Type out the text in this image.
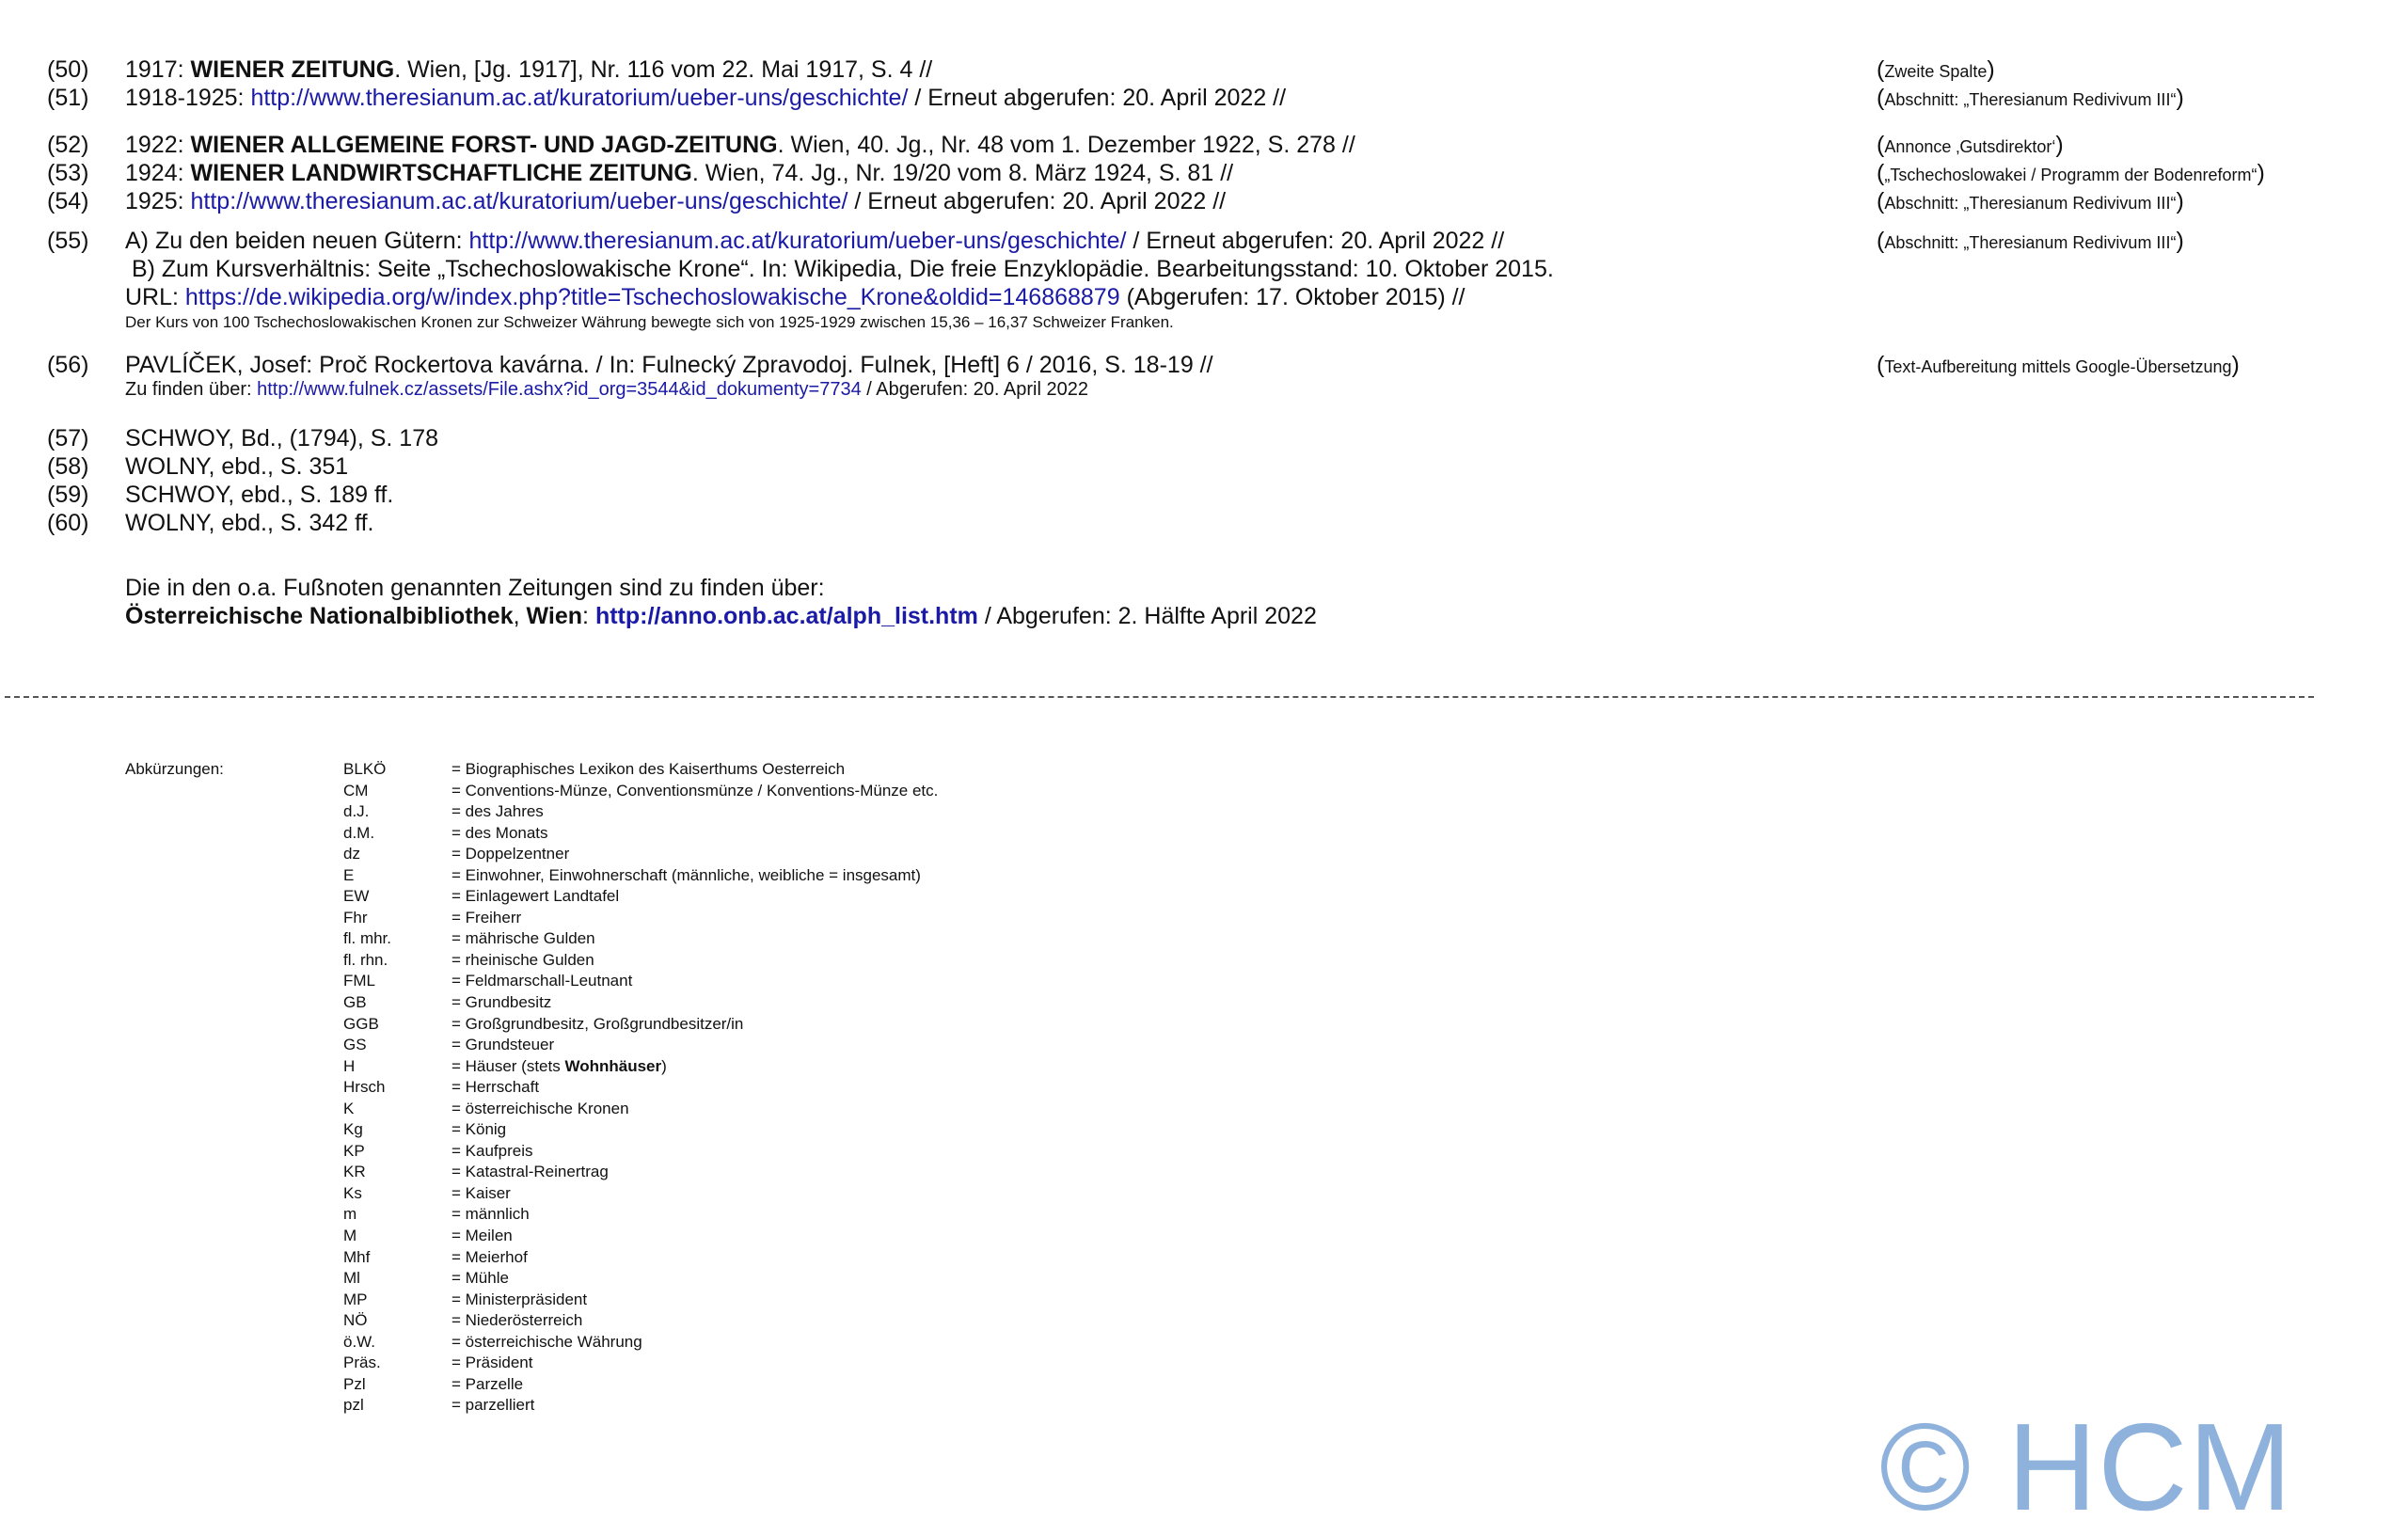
(50) 1917: WIENER ZEITUNG. Wien, [Jg. 1917], Nr. 116 vom 22. Mai 1917, S. 4 //	(Zweite Spalte)
(51) 1918-1925: http://www.theresianum.ac.at/kuratorium/ueber-uns/geschichte/ / Erneut abgerufen: 20. April 2022 //	(Abschnitt: „Theresianum Redivivum III“)
(52) 1922: WIENER ALLGEMEINE FORST- UND JAGD-ZEITUNG. Wien, 40. Jg., Nr. 48 vom 1. Dezember 1922, S. 278 //	(Annonce ‚Gutsdirektor‘)
(53) 1924: WIENER LANDWIRTSCHAFTLICHE ZEITUNG. Wien, 74. Jg., Nr. 19/20 vom 8. März 1924, S. 81 //	(„Tschechoslowakei / Programm der Bodenreform“)
(54) 1925: http://www.theresianum.ac.at/kuratorium/ueber-uns/geschichte/ / Erneut abgerufen: 20. April 2022 //	(Abschnitt: „Theresianum Redivivum III“)
(55) A) Zu den beiden neuen Gütern: http://www.theresianum.ac.at/kuratorium/ueber-uns/geschichte/ / Erneut abgerufen: 20. April 2022 //	(Abschnitt: „Theresianum Redivivum III“)
B) Zum Kursverhältnis: Seite „Tschechoslowakische Krone“. In: Wikipedia, Die freie Enzyklopädie. Bearbeitungsstand: 10. Oktober 2015.
URL: https://de.wikipedia.org/w/index.php?title=Tschechoslowakische_Krone&oldid=146868879 (Abgerufen: 17. Oktober 2015) //
Der Kurs von 100 Tschechoslowakischen Kronen zur Schweizer Währung bewegte sich von 1925-1929 zwischen 15,36 – 16,37 Schweizer Franken.
(56) PAVLÍČEK, Josef: Proč Rockertova kavárna. / In: Fulnecký Zpravodoj. Fulnek, [Heft] 6 / 2016, S. 18-19 //	(Text-Aufbereitung mittels Google-Übersetzung)
Zu finden über: http://www.fulnek.cz/assets/File.ashx?id_org=3544&id_dokumenty=7734 / Abgerufen: 20. April 2022
(57) SCHWOY, Bd., (1794), S. 178
(58) WOLNY, ebd., S. 351
(59) SCHWOY, ebd., S. 189 ff.
(60) WOLNY, ebd., S. 342 ff.
Die in den o.a. Fußnoten genannten Zeitungen sind zu finden über:
Österreichische Nationalbibliothek, Wien: http://anno.onb.ac.at/alph_list.htm / Abgerufen: 2. Hälfte April 2022
Abkürzungen:	BLKÖ	= Biographisches Lexikon des Kaiserthums Oesterreich
CM	= Conventions-Münze, Conventionsmünze / Konventions-Münze etc.
d.J.	= des Jahres
d.M.	= des Monats
dz	= Doppelzentner
E	= Einwohner, Einwohnerschaft (männliche, weibliche = insgesamt)
EW	= Einlagewert Landtafel
Fhr	= Freiherr
fl. mhr.	= mährische Gulden
fl. rhn.	= rheinische Gulden
FML	= Feldmarschall-Leutnant
GB	= Grundbesitz
GGB	= Großgrundbesitz, Großgrundbesitzer/in
GS	= Grundsteuer
H	= Häuser (stets Wohnhäuser)
Hrsch	= Herrschaft
K	= österreichische Kronen
Kg	= König
KP	= Kaufpreis
KR	= Katastral-Reinertrag
Ks	= Kaiser
m	= männlich
M	= Meilen
Mhf	= Meierhof
Ml	= Mühle
MP	= Ministerpräsident
NÖ	= Niederösterreich
ö.W.	= österreichische Währung
Präs.	= Präsident
Pzl	= Parzelle
pzl	= parzelliert	© HCM
